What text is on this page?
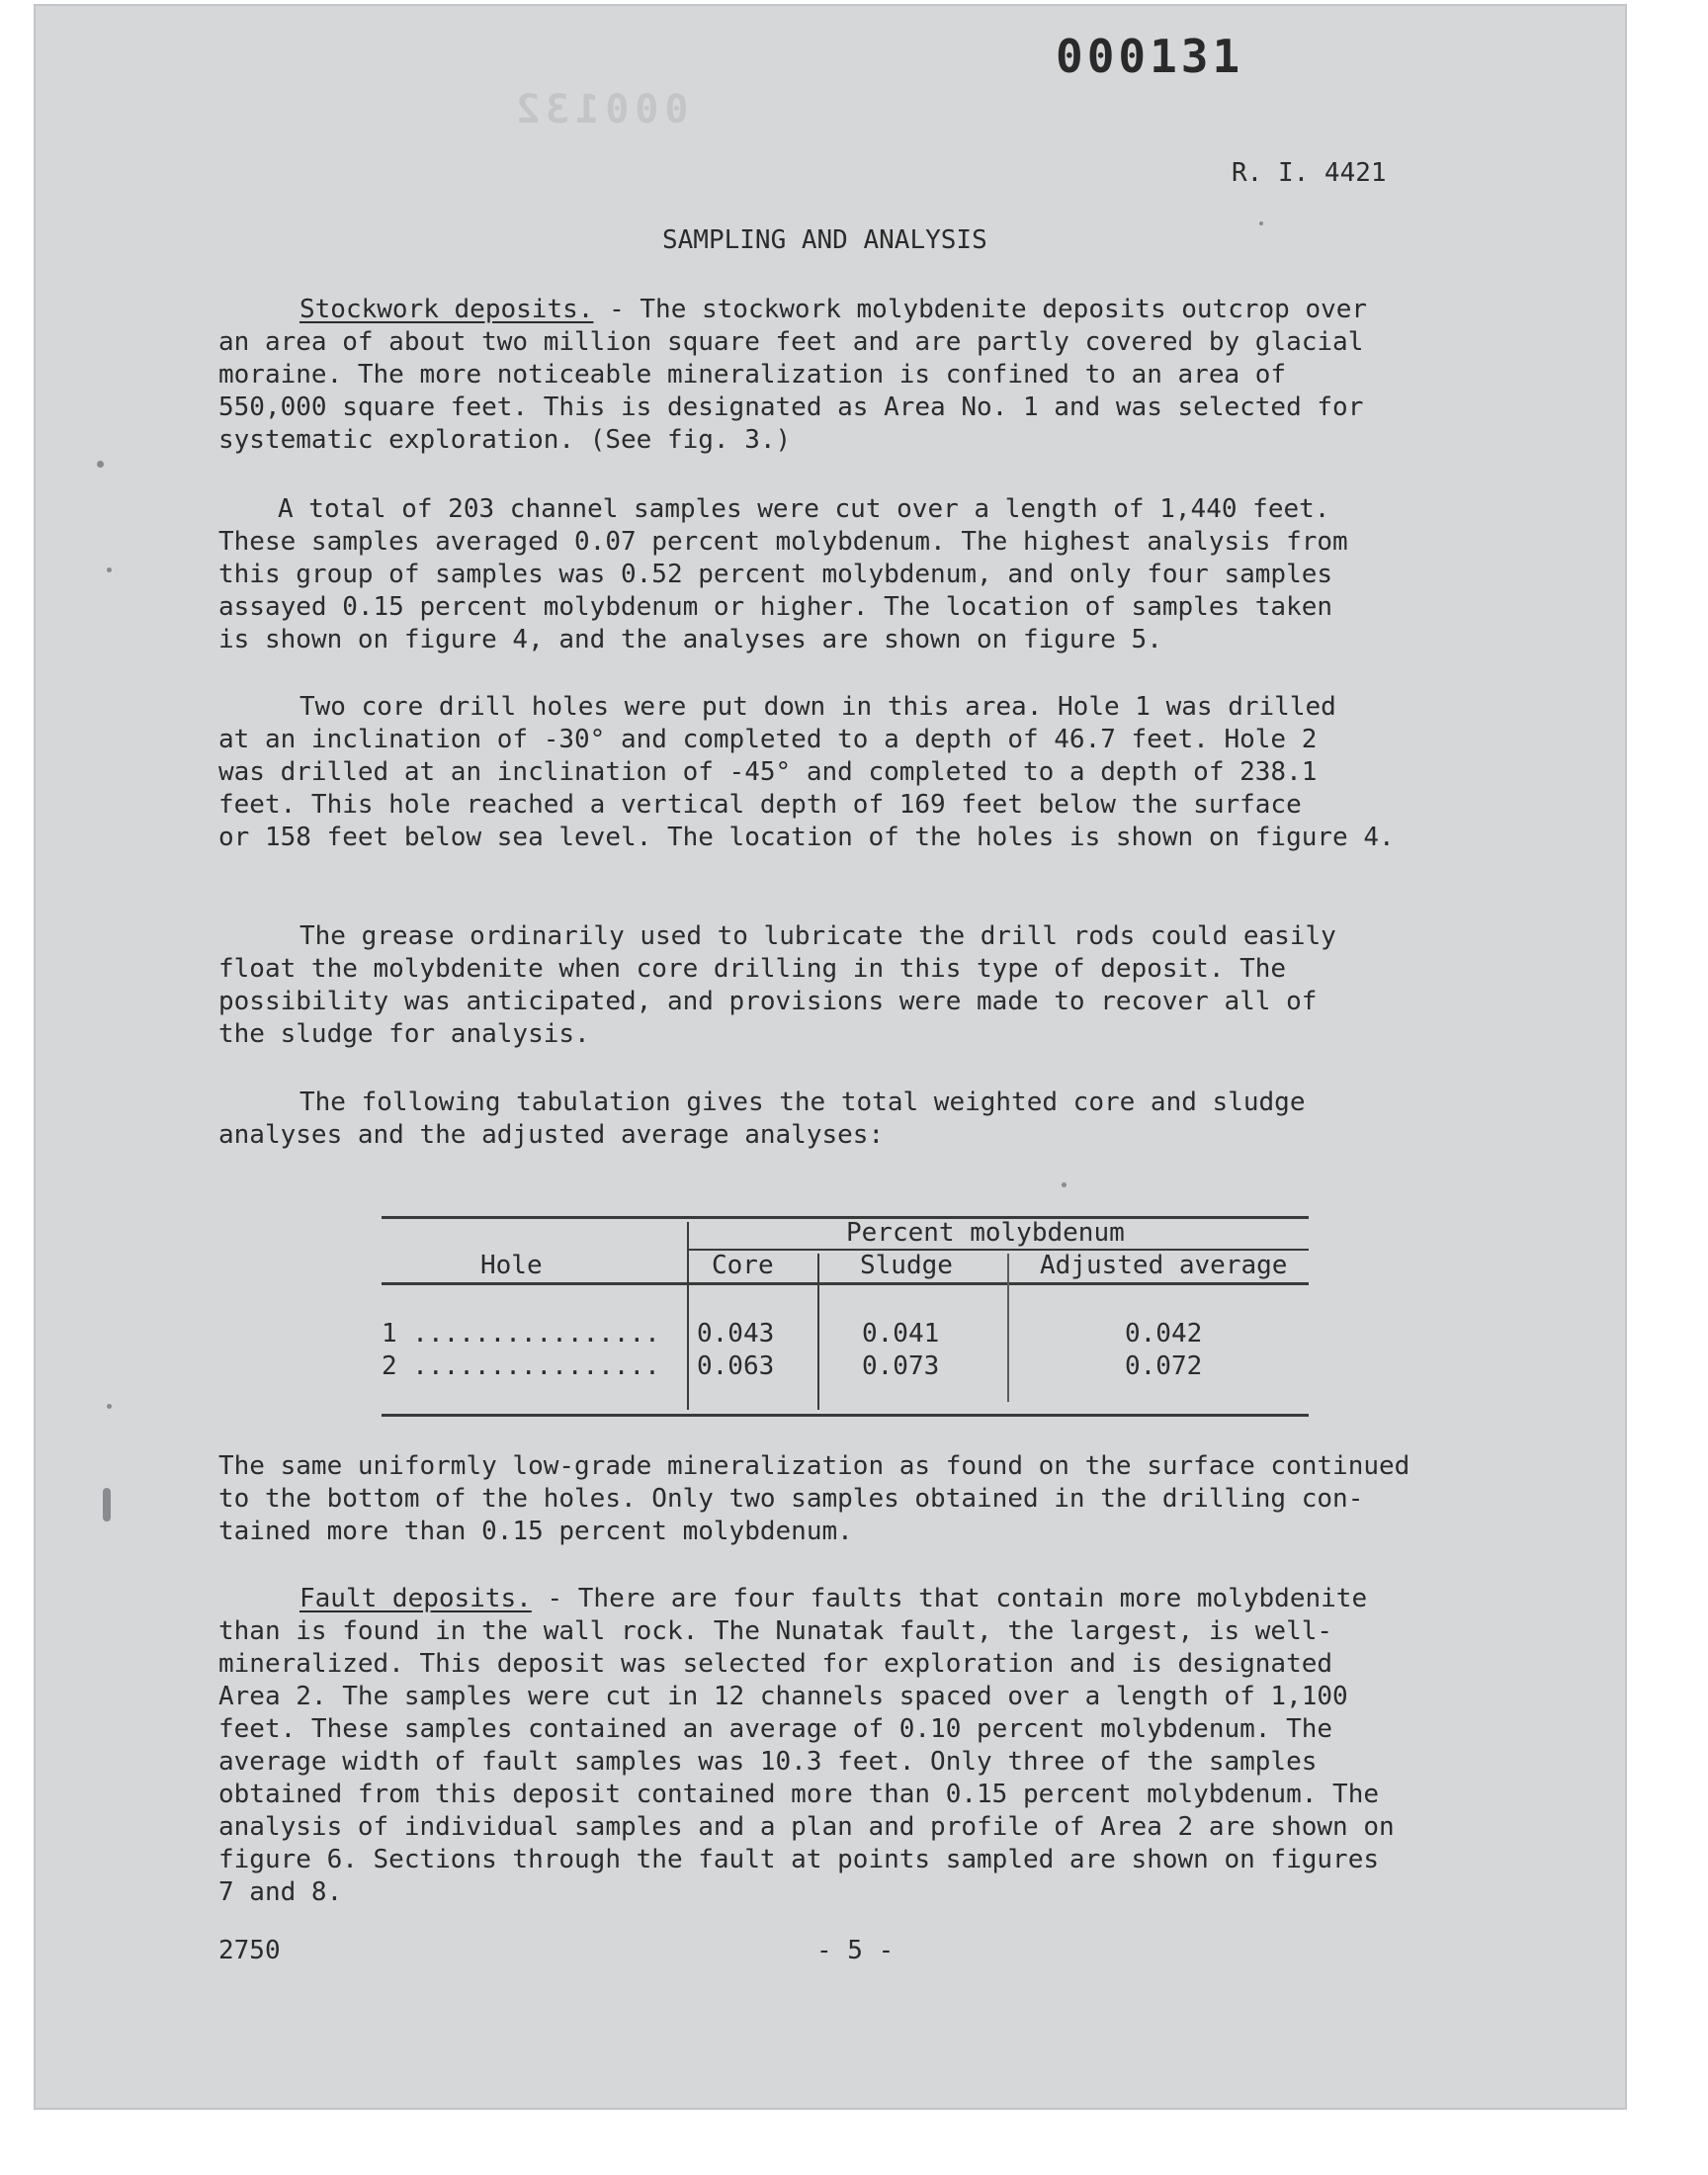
000131
000132
R. I. 4421
SAMPLING AND ANALYSIS
Stockwork deposits. - The stockwork molybdenite deposits outcrop over
an area of about two million square feet and are partly covered by glacial
moraine. The more noticeable mineralization is confined to an area of
550,000 square feet. This is designated as Area No. 1 and was selected for
systematic exploration. (See fig. 3.)
A total of 203 channel samples were cut over a length of 1,440 feet.
These samples averaged 0.07 percent molybdenum. The highest analysis from
this group of samples was 0.52 percent molybdenum, and only four samples
assayed 0.15 percent molybdenum or higher. The location of samples taken
is shown on figure 4, and the analyses are shown on figure 5.
Two core drill holes were put down in this area. Hole 1 was drilled
at an inclination of -30° and completed to a depth of 46.7 feet. Hole 2
was drilled at an inclination of -45° and completed to a depth of 238.1
feet. This hole reached a vertical depth of 169 feet below the surface
or 158 feet below sea level. The location of the holes is shown on figure 4.
The grease ordinarily used to lubricate the drill rods could easily
float the molybdenite when core drilling in this type of deposit. The
possibility was anticipated, and provisions were made to recover all of
the sludge for analysis.
The following tabulation gives the total weighted core and sludge
analyses and the adjusted average analyses:
Percent molybdenum
Hole	Core	Sludge	Adjusted average
1 ................ 0.043	0.041	0.042
2 ................ 0.063	0.073	0.072
The same uniformly low-grade mineralization as found on the surface continued
to the bottom of the holes. Only two samples obtained in the drilling con-
tained more than 0.15 percent molybdenum.
Fault deposits. - There are four faults that contain more molybdenite
than is found in the wall rock. The Nunatak fault, the largest, is well-
mineralized. This deposit was selected for exploration and is designated
Area 2. The samples were cut in 12 channels spaced over a length of 1,100
feet. These samples contained an average of 0.10 percent molybdenum. The
average width of fault samples was 10.3 feet. Only three of the samples
obtained from this deposit contained more than 0.15 percent molybdenum. The
analysis of individual samples and a plan and profile of Area 2 are shown on
figure 6. Sections through the fault at points sampled are shown on figures
7 and 8.
2750	- 5 -
